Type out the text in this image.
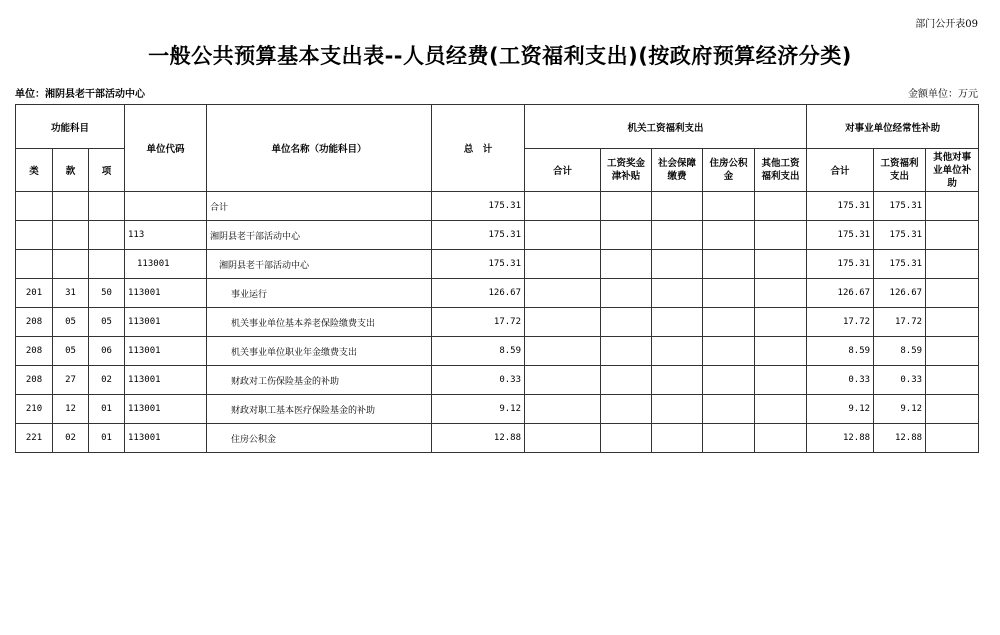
部门公开表09
一般公共预算基本支出表--人员经费(工资福利支出)(按政府预算经济分类)
单位：湘阴县老干部活动中心	金额单位：万元
功能科目			单位代码	单位名称（功能科目）	总　计	机关工资福利支出					对事业单位经常性补助		
类	款	项				合计	工资奖金津补贴	社会保障缴费	住房公积金	其他工资福利支出	合计	工资福利支出	其他对事业单位补助
				合计	175.31						175.31	175.31	
			113	湘阴县老干部活动中心	175.31						175.31	175.31	
			113001	湘阴县老干部活动中心	175.31						175.31	175.31	
201	31	50	113001	事业运行	126.67						126.67	126.67	
208	05	05	113001	机关事业单位基本养老保险缴费支出	17.72						17.72	17.72	
208	05	06	113001	机关事业单位职业年金缴费支出	8.59						8.59	8.59	
208	27	02	113001	财政对工伤保险基金的补助	0.33						0.33	0.33	
210	12	01	113001	财政对职工基本医疗保险基金的补助	9.12						9.12	9.12	
221	02	01	113001	住房公积金	12.88						12.88	12.88	
